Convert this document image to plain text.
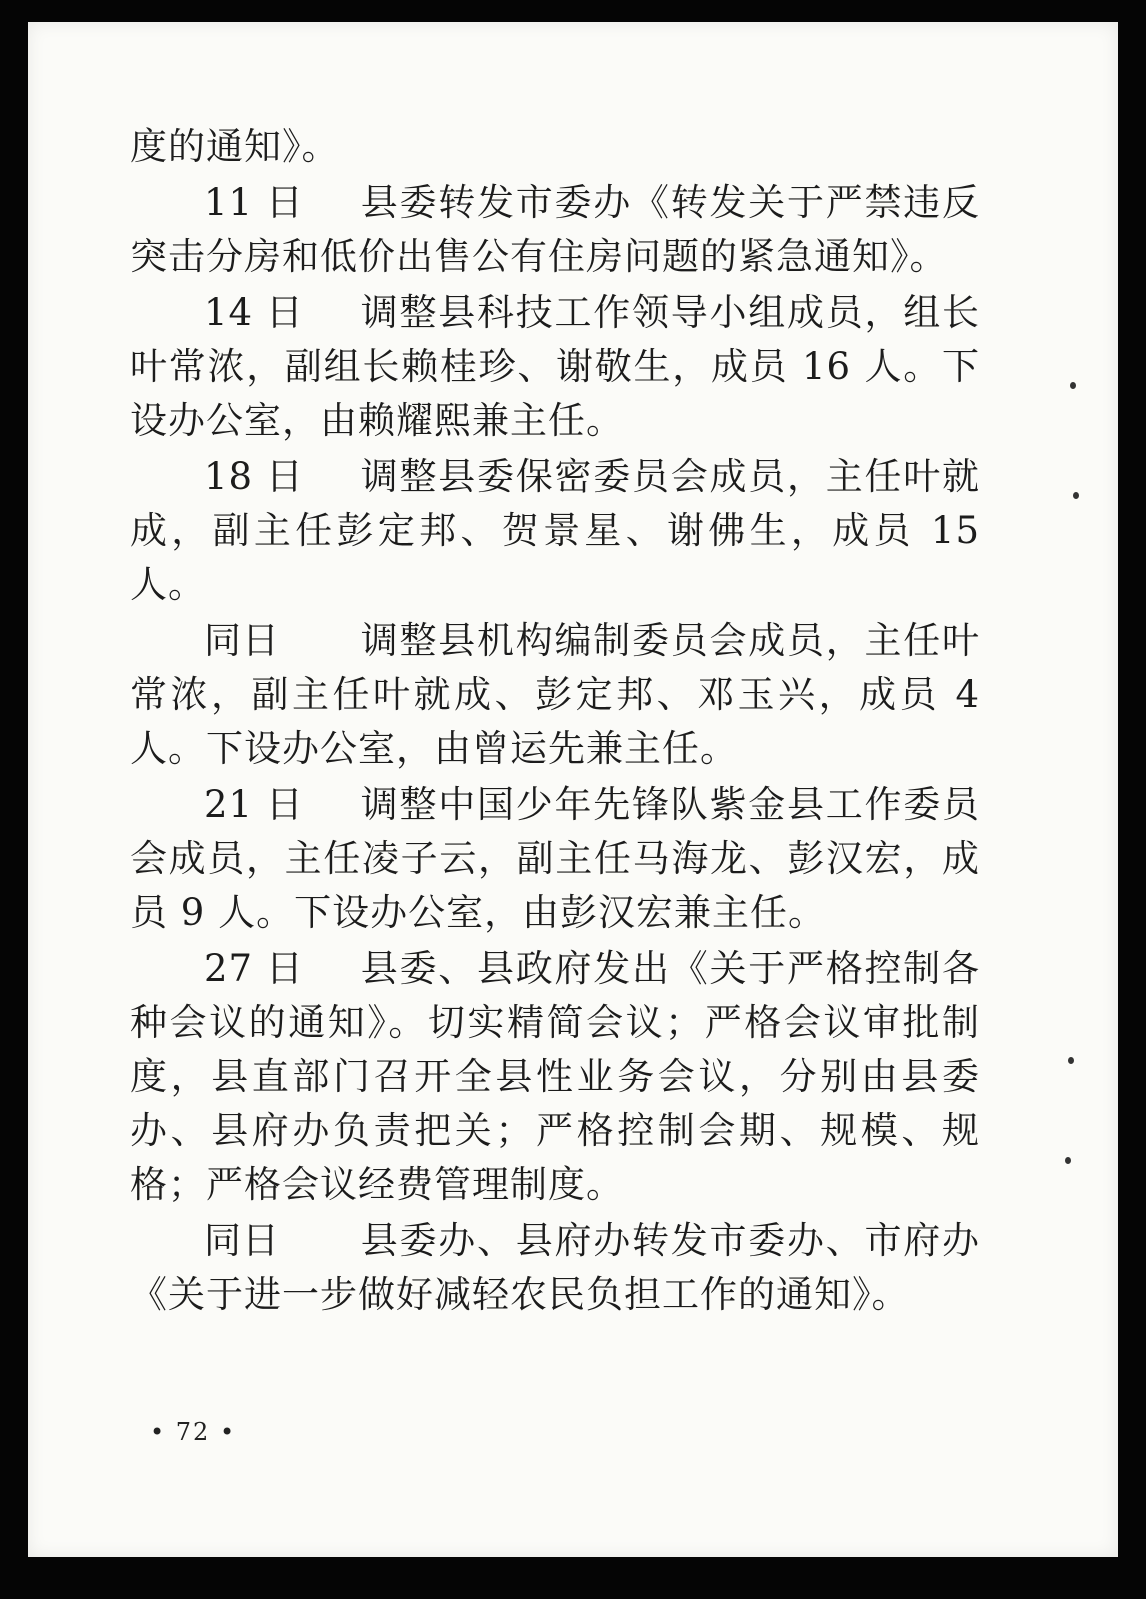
度的通知》。

11 日 县委转发市委办《转发关于严禁违反突击分房和低价出售公有住房问题的紧急通知》。

14 日 调整县科技工作领导小组成员，组长叶常浓，副组长赖桂珍、谢敬生，成员 16 人。下设办公室，由赖耀熙兼主任。

18 日 调整县委保密委员会成员，主任叶就成，副主任彭定邦、贺景星、谢佛生，成员 15 人。

同日 调整县机构编制委员会成员，主任叶常浓，副主任叶就成、彭定邦、邓玉兴，成员 4 人。下设办公室，由曾运先兼主任。

21 日 调整中国少年先锋队紫金县工作委员会成员，主任凌子云，副主任马海龙、彭汉宏，成员 9 人。下设办公室，由彭汉宏兼主任。

27 日 县委、县政府发出《关于严格控制各种会议的通知》。切实精简会议；严格会议审批制度，县直部门召开全县性业务会议，分别由县委办、县府办负责把关；严格控制会期、规模、规格；严格会议经费管理制度。

同日 县委办、县府办转发市委办、市府办《关于进一步做好减轻农民负担工作的通知》。

• 72 •
